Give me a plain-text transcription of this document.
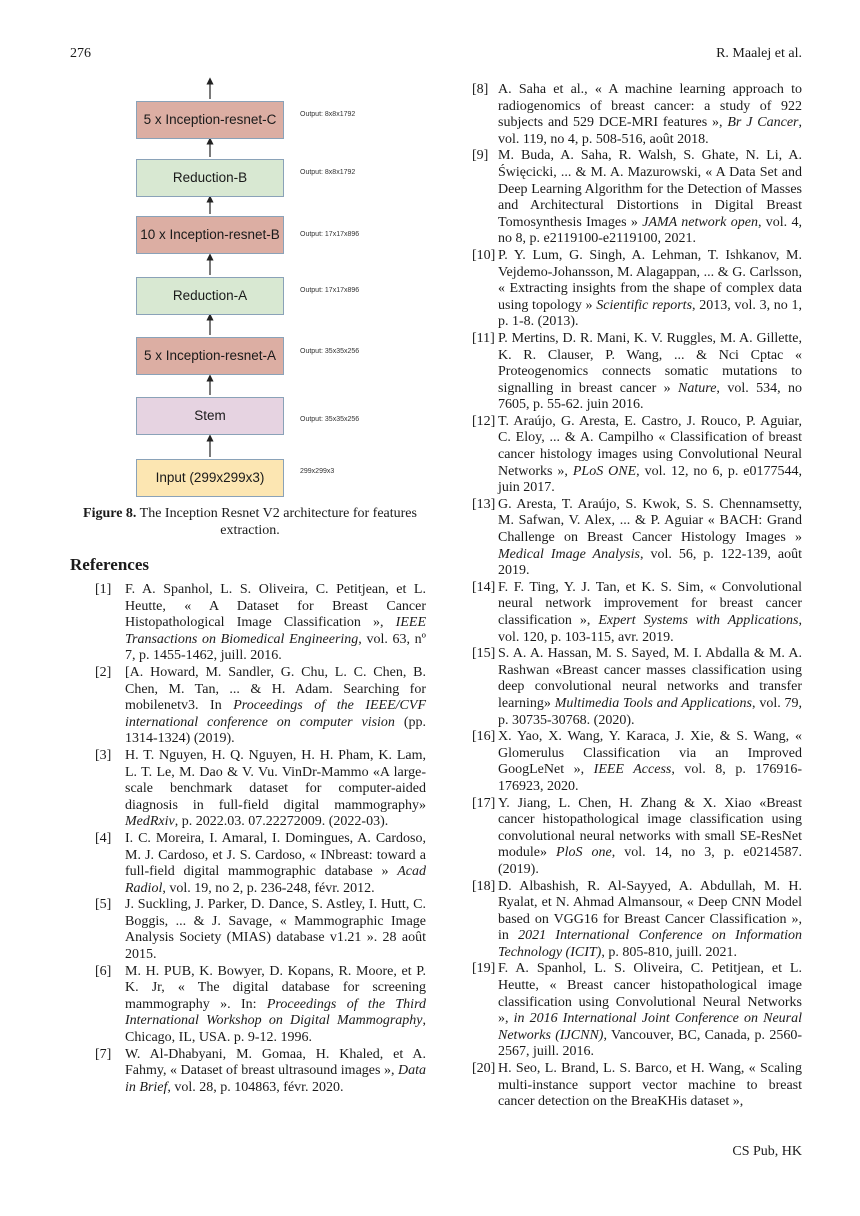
276	R. Maalej et al.
5 x Inception-resnet-C	Output: 8x8x1792
Reduction-B	Output: 8x8x1792
10 x Inception-resnet-B	Output: 17x17x896
Reduction-A	Output: 17x17x896
5 x Inception-resnet-A	Output: 35x35x256
Stem	Output: 35x35x256
Input (299x299x3)	299x299x3
Figure 8. The Inception Resnet V2 architecture for features extraction.
References
[1] F. A. Spanhol, L. S. Oliveira, C. Petitjean, et L. Heutte, « A Dataset for Breast Cancer Histopathological Image Classification », IEEE Transactions on Biomedical Engineering, vol. 63, nº 7, p. 1455-1462, juill. 2016.
[2] [A. Howard, M. Sandler, G. Chu, L. C. Chen, B. Chen, M. Tan, ... & H. Adam. Searching for mobilenetv3. In Proceedings of the IEEE/CVF international conference on computer vision (pp. 1314-1324) (2019).
[3] H. T. Nguyen, H. Q. Nguyen, H. H. Pham, K. Lam, L. T. Le, M. Dao & V. Vu. VinDr-Mammo «A large-scale benchmark dataset for computer-aided diagnosis in full-field digital mammography» MedRxiv, p. 2022.03. 07.22272009. (2022-03).
[4] I. C. Moreira, I. Amaral, I. Domingues, A. Cardoso, M. J. Cardoso, et J. S. Cardoso, « INbreast: toward a full-field digital mammographic database » Acad Radiol, vol. 19, no 2, p. 236-248, févr. 2012.
[5] J. Suckling, J. Parker, D. Dance, S. Astley, I. Hutt, C. Boggis, ... & J. Savage, « Mammographic Image Analysis Society (MIAS) database v1.21 ». 28 août 2015.
[6] M. H. PUB, K. Bowyer, D. Kopans, R. Moore, et P. K. Jr, « The digital database for screening mammography ». In: Proceedings of the Third International Workshop on Digital Mammography, Chicago, IL, USA. p. 9-12. 1996.
[7] W. Al-Dhabyani, M. Gomaa, H. Khaled, et A. Fahmy, « Dataset of breast ultrasound images », Data in Brief, vol. 28, p. 104863, févr. 2020.
[8] A. Saha et al., « A machine learning approach to radiogenomics of breast cancer: a study of 922 subjects and 529 DCE-MRI features », Br J Cancer, vol. 119, no 4, p. 508-516, août 2018.
[9] M. Buda, A. Saha, R. Walsh, S. Ghate, N. Li, A. Święcicki, ... & M. A. Mazurowski, « A Data Set and Deep Learning Algorithm for the Detection of Masses and Architectural Distortions in Digital Breast Tomosynthesis Images » JAMA network open, vol. 4, no 8, p. e2119100-e2119100, 2021.
[10] P. Y. Lum, G. Singh, A. Lehman, T. Ishkanov, M. Vejdemo-Johansson, M. Alagappan, ... & G. Carlsson, « Extracting insights from the shape of complex data using topology » Scientific reports, 2013, vol. 3, no 1, p. 1-8. (2013).
[11] P. Mertins, D. R. Mani, K. V. Ruggles, M. A. Gillette, K. R. Clauser, P. Wang, ... & Nci Cptac « Proteogenomics connects somatic mutations to signalling in breast cancer » Nature, vol. 534, no 7605, p. 55-62. juin 2016.
[12] T. Araújo, G. Aresta, E. Castro, J. Rouco, P. Aguiar, C. Eloy, ... & A. Campilho « Classification of breast cancer histology images using Convolutional Neural Networks », PLoS ONE, vol. 12, no 6, p. e0177544, juin 2017.
[13] G. Aresta, T. Araújo, S. Kwok, S. S. Chennamsetty, M. Safwan, V. Alex, ... & P. Aguiar « BACH: Grand Challenge on Breast Cancer Histology Images » Medical Image Analysis, vol. 56, p. 122-139, août 2019.
[14] F. F. Ting, Y. J. Tan, et K. S. Sim, « Convolutional neural network improvement for breast cancer classification », Expert Systems with Applications, vol. 120, p. 103-115, avr. 2019.
[15] S. A. A. Hassan, M. S. Sayed, M. I. Abdalla & M. A. Rashwan «Breast cancer masses classification using deep convolutional neural networks and transfer learning» Multimedia Tools and Applications, vol. 79, p. 30735-30768. (2020).
[16] X. Yao, X. Wang, Y. Karaca, J. Xie, & S. Wang, « Glomerulus Classification via an Improved GoogLeNet », IEEE Access, vol. 8, p. 176916-176923, 2020.
[17] Y. Jiang, L. Chen, H. Zhang & X. Xiao «Breast cancer histopathological image classification using convolutional neural networks with small SE-ResNet module» PloS one, vol. 14, no 3, p. e0214587. (2019).
[18] D. Albashish, R. Al-Sayyed, A. Abdullah, M. H. Ryalat, et N. Ahmad Almansour, « Deep CNN Model based on VGG16 for Breast Cancer Classification », in 2021 International Conference on Information Technology (ICIT), p. 805-810, juill. 2021.
[19] F. A. Spanhol, L. S. Oliveira, C. Petitjean, et L. Heutte, « Breast cancer histopathological image classification using Convolutional Neural Networks », in 2016 International Joint Conference on Neural Networks (IJCNN), Vancouver, BC, Canada, p. 2560-2567, juill. 2016.
[20] H. Seo, L. Brand, L. S. Barco, et H. Wang, « Scaling multi-instance support vector machine to breast cancer detection on the BreaKHis dataset »,
CS Pub, HK
